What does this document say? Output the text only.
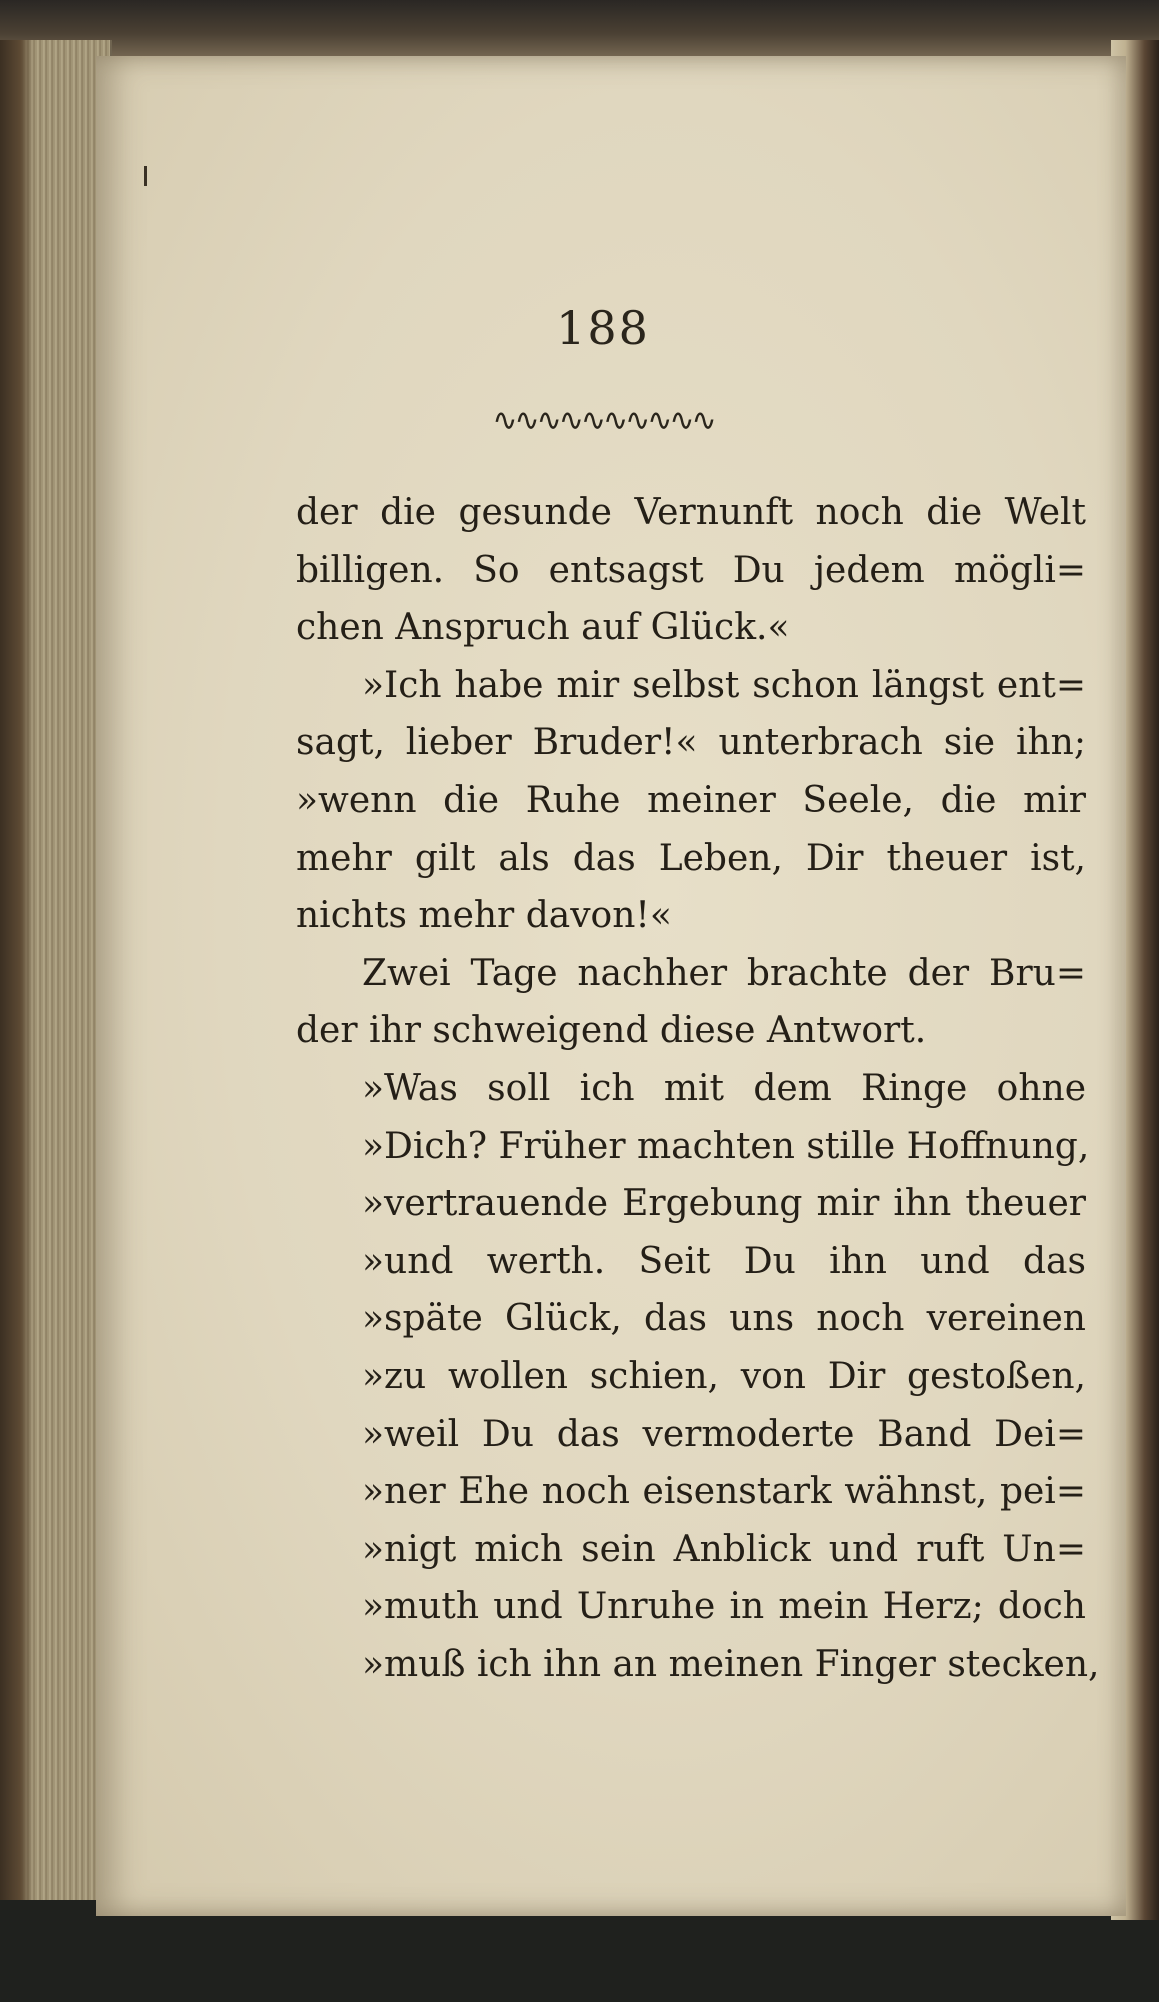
188
∿∿∿∿∿∿∿∿∿∿
der die gesunde Vernunft noch die Welt
billigen. So entsagst Du jedem mögli=
chen Anspruch auf Glück.«
»Ich habe mir selbst schon längst ent=
sagt, lieber Bruder!« unterbrach sie ihn;
»wenn die Ruhe meiner Seele, die mir
mehr gilt als das Leben, Dir theuer ist,
nichts mehr davon!«
Zwei Tage nachher brachte der Bru=
der ihr schweigend diese Antwort.
»Was soll ich mit dem Ringe ohne
»Dich? Früher machten stille Hoffnung,
»vertrauende Ergebung mir ihn theuer
»und werth. Seit Du ihn und das
»späte Glück, das uns noch vereinen
»zu wollen schien, von Dir gestoßen,
»weil Du das vermoderte Band Dei=
»ner Ehe noch eisenstark wähnst, pei=
»nigt mich sein Anblick und ruft Un=
»muth und Unruhe in mein Herz; doch
»muß ich ihn an meinen Finger stecken,
